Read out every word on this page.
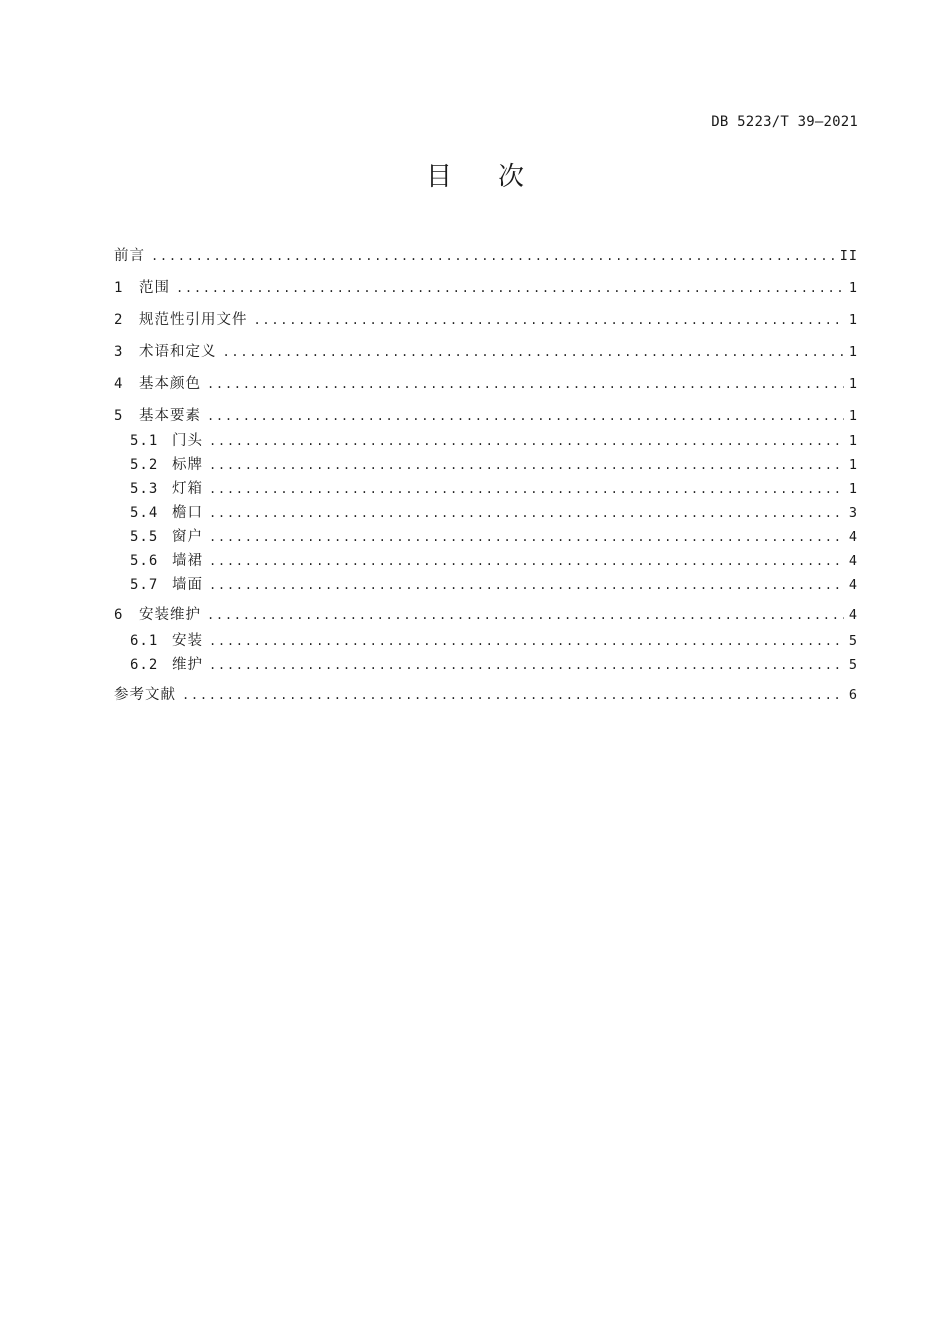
DB 5223/T 39—2021
目次
前言 .....	II
1	范围 .....	1
2	规范性引用文件 .....	1
3	术语和定义 .....	1
4	基本颜色 .....	1
5	基本要素 .....	1
5.1 门头 .....	1
5.2 标牌 .....	1
5.3 灯箱 .....	1
5.4 檐口 .....	3
5.5 窗户 .....	4
5.6 墙裙 .....	4
5.7 墙面 .....	4
6	安装维护 .....	4
6.1 安装 .....	5
6.2 维护 .....	5
参考文献 .....	6
